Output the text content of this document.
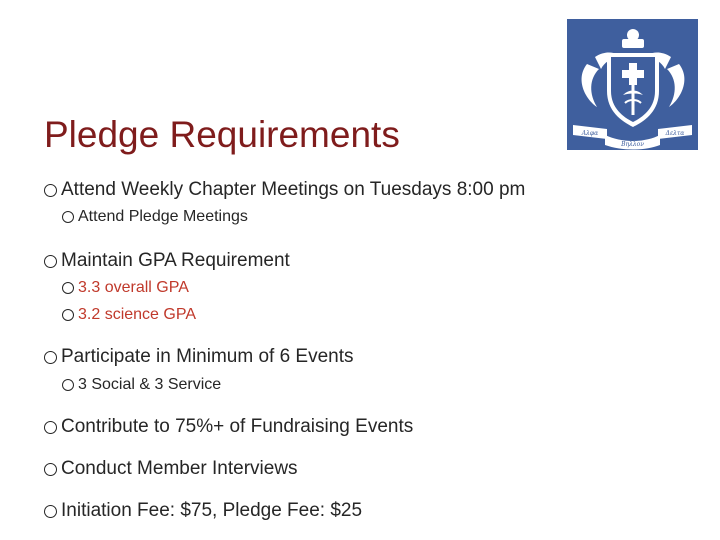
Pledge Requirements	Αλφα	Δελτα
Βηλλον
Attend Weekly Chapter Meetings on Tuesdays 8:00 pm
Attend Pledge Meetings
Maintain GPA Requirement
3.3 overall GPA
3.2 science GPA
Participate in Minimum of 6 Events
3 Social & 3 Service
Contribute to 75%+ of Fundraising Events
Conduct Member Interviews
Initiation Fee: $75, Pledge Fee: $25
